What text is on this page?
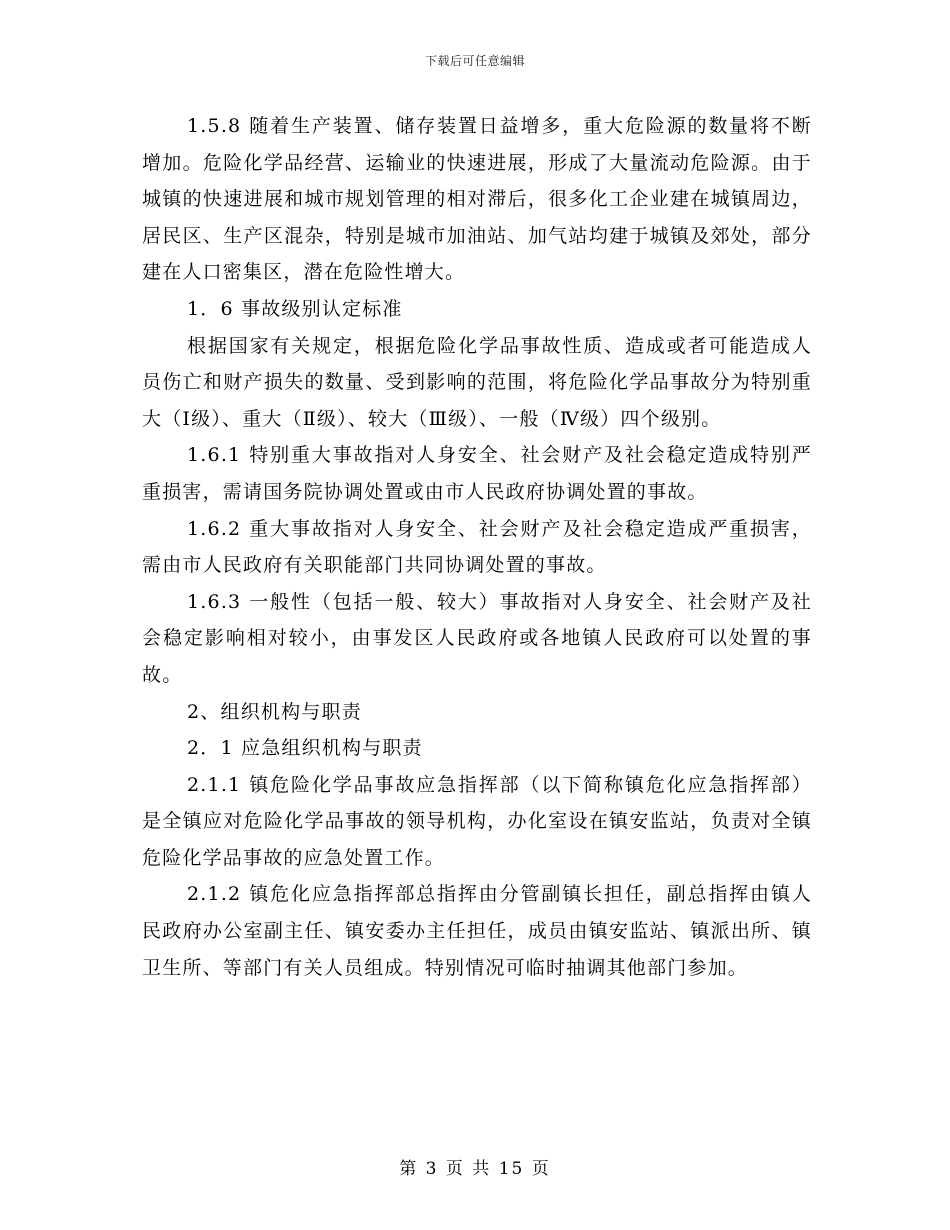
下载后可任意编辑

1.5.8 随着生产装置、储存装置日益增多，重大危险源的数量将不断增加。危险化学品经营、运输业的快速进展，形成了大量流动危险源。由于城镇的快速进展和城市规划管理的相对滞后，很多化工企业建在城镇周边，居民区、生产区混杂，特别是城市加油站、加气站均建于城镇及郊处，部分建在人口密集区，潜在危险性增大。

1．6 事故级别认定标准

根据国家有关规定，根据危险化学品事故性质、造成或者可能造成人员伤亡和财产损失的数量、受到影响的范围，将危险化学品事故分为特别重大（Ⅰ级）、重大（Ⅱ级）、较大（Ⅲ级）、一般（Ⅳ级）四个级别。

1.6.1 特别重大事故指对人身安全、社会财产及社会稳定造成特别严重损害，需请国务院协调处置或由市人民政府协调处置的事故。

1.6.2 重大事故指对人身安全、社会财产及社会稳定造成严重损害，需由市人民政府有关职能部门共同协调处置的事故。

1.6.3 一般性（包括一般、较大）事故指对人身安全、社会财产及社会稳定影响相对较小，由事发区人民政府或各地镇人民政府可以处置的事故。

2、组织机构与职责

2．1 应急组织机构与职责

2.1.1 镇危险化学品事故应急指挥部（以下简称镇危化应急指挥部）是全镇应对危险化学品事故的领导机构，办化室设在镇安监站，负责对全镇危险化学品事故的应急处置工作。

2.1.2 镇危化应急指挥部总指挥由分管副镇长担任，副总指挥由镇人民政府办公室副主任、镇安委办主任担任，成员由镇安监站、镇派出所、镇卫生所、等部门有关人员组成。特别情况可临时抽调其他部门参加。

第 3 页 共 15 页
